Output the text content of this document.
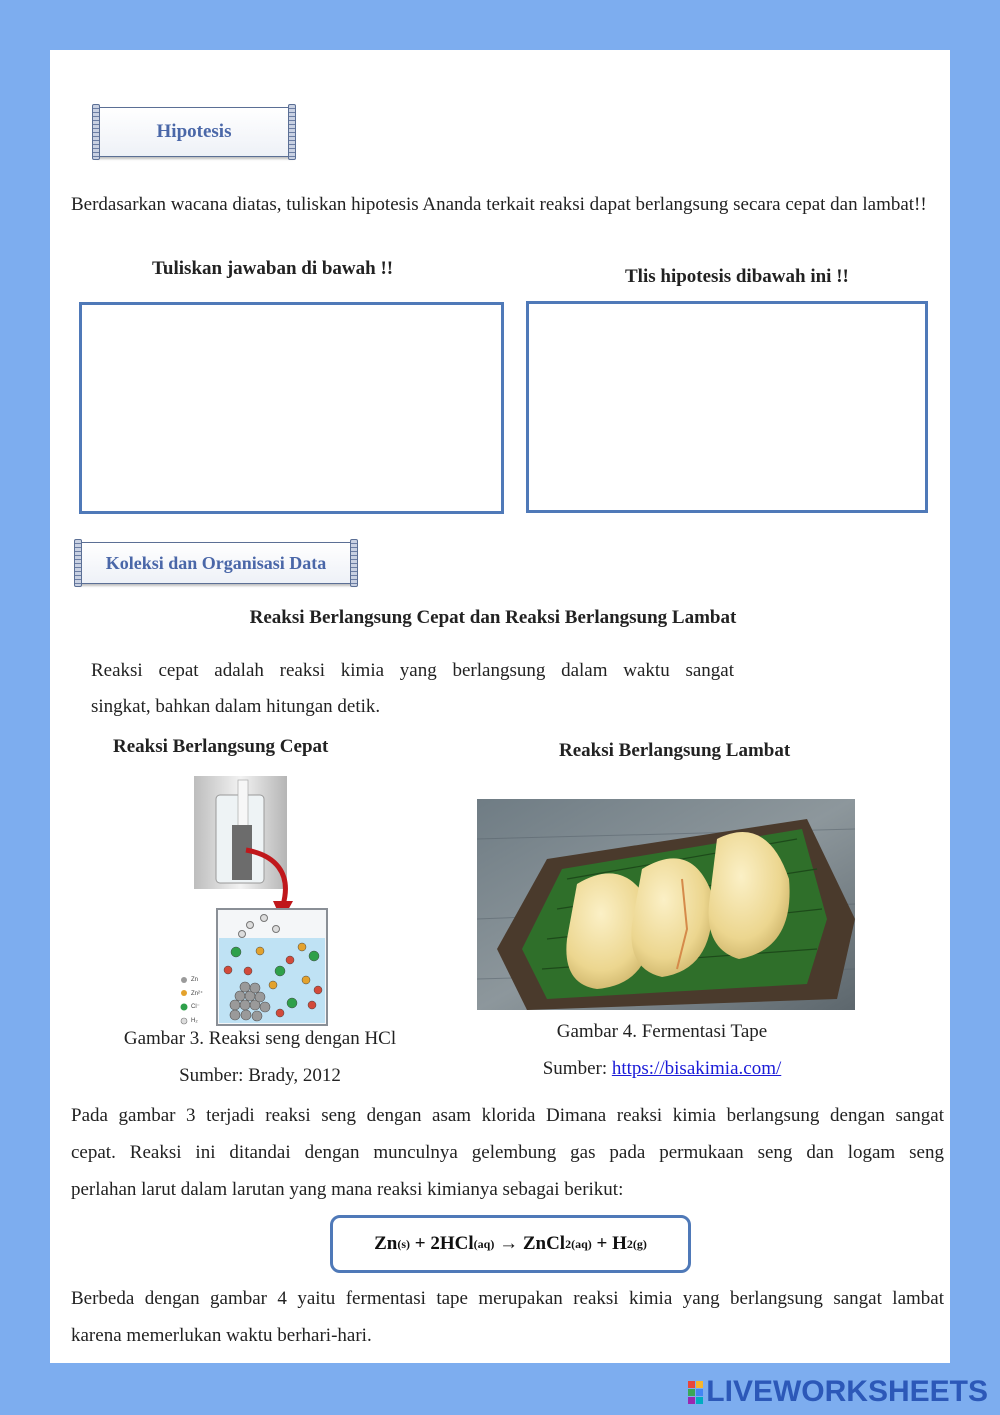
Hipotesis
Berdasarkan wacana diatas, tuliskan hipotesis Ananda terkait reaksi dapat berlangsung secara cepat dan lambat!!
Tuliskan jawaban di bawah !!	Tlis hipotesis dibawah ini !!
Koleksi dan Organisasi Data
Reaksi Berlangsung Cepat dan Reaksi Berlangsung Lambat
Reaksi cepat adalah reaksi kimia yang berlangsung dalam waktu sangat
singkat, bahkan dalam hitungan detik.
Reaksi Berlangsung Cepat	Reaksi Berlangsung Lambat
Zn
Zn²⁺
Cl⁻
H₂
Gambar 3. Reaksi seng dengan HCl
Sumber: Brady, 2012
Gambar 4. Fermentasi Tape
Sumber: https://bisakimia.com/
Pada gambar 3 terjadi reaksi seng dengan asam klorida Dimana reaksi kimia berlangsung dengan sangat
cepat. Reaksi ini ditandai dengan munculnya gelembung gas pada permukaan seng dan logam seng
perlahan larut dalam larutan yang mana reaksi kimianya sebagai berikut:
Zn (s) + 2HCl (aq) → ZnCl 2(aq) + H 2(g)
Berbeda dengan gambar 4 yaitu fermentasi tape merupakan reaksi kimia yang berlangsung sangat lambat
karena memerlukan waktu berhari-hari.
LIVEWORKSHEETS
